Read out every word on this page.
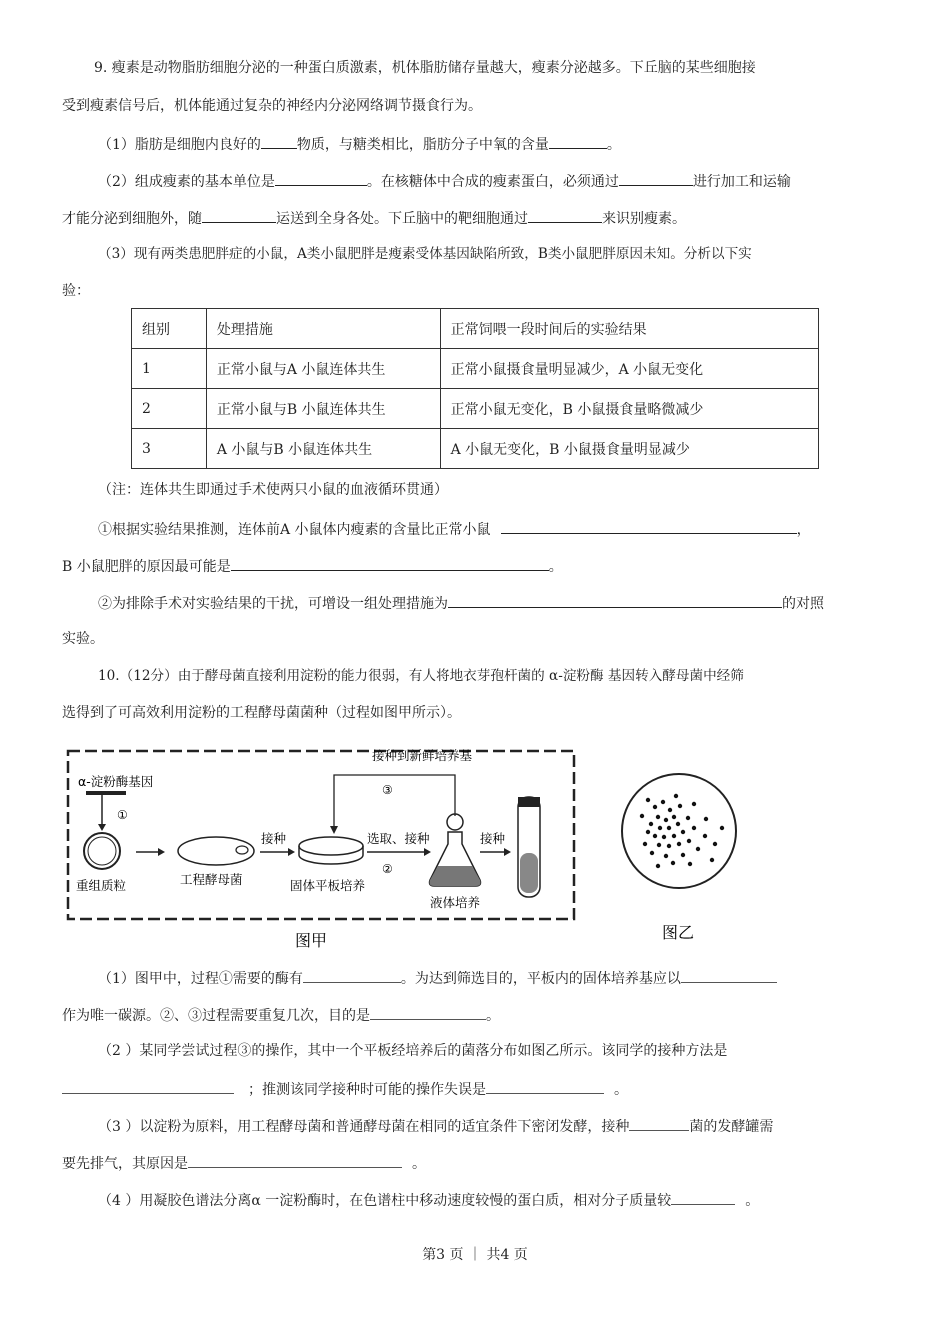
9. 瘦素是动物脂肪细胞分泌的一种蛋白质激素，机体脂肪储存量越大，瘦素分泌越多。下丘脑的某些细胞接

受到瘦素信号后，机体能通过复杂的神经内分泌网络调节摄食行为。

（1）脂肪是细胞内良好的	物质，与糖类相比，脂肪分子中氧的含量	。

（2）组成瘦素的基本单位是	。在核糖体中合成的瘦素蛋白，必须通过	进行加工和运输

才能分泌到细胞外，随	运送到全身各处。下丘脑中的靶细胞通过	来识别瘦素。

（3）现有两类患肥胖症的小鼠，A类小鼠肥胖是瘦素受体基因缺陷所致，B类小鼠肥胖原因未知。分析以下实

验：

组别	处理措施	正常饲喂一段时间后的实验结果
1	正常小鼠与A 小鼠连体共生	正常小鼠摄食量明显减少，A 小鼠无变化
2	正常小鼠与B 小鼠连体共生	正常小鼠无变化，B 小鼠摄食量略微减少
3	A 小鼠与B 小鼠连体共生	A 小鼠无变化，B 小鼠摄食量明显减少

（注：连体共生即通过手术使两只小鼠的血液循环贯通）

①根据实验结果推测，连体前A 小鼠体内瘦素的含量比正常小鼠	，

B 小鼠肥胖的原因最可能是	。

②为排除手术对实验结果的干扰，可增设一组处理措施为	的对照

实验。

10.（12分）由于酵母菌直接利用淀粉的能力很弱，有人将地衣芽孢杆菌的 α-淀粉酶 基因转入酵母菌中经筛

选得到了可高效利用淀粉的工程酵母菌菌种（过程如图甲所示）。

α-淀粉酶基因
①
重组质粒	工程酵母菌
接种
固体平板培养
选取、接种
②
液体培养
接种
接种到新鲜培养基
③
图甲	图乙

（1）图甲中，过程①需要的酶有	。为达到筛选目的，平板内的固体培养基应以

作为唯一碳源。②、③过程需要重复几次，目的是	。

（2 ）某同学尝试过程③的操作，其中一个平板经培养后的菌落分布如图乙所示。该同学的接种方法是

；推测该同学接种时可能的操作失误是	。

（3 ）以淀粉为原料，用工程酵母菌和普通酵母菌在相同的适宜条件下密闭发酵，接种	菌的发酵罐需

要先排气，其原因是	。

（4 ）用凝胶色谱法分离α 一淀粉酶时，在色谱柱中移动速度较慢的蛋白质，相对分子质量较	。

第3 页 ｜ 共4 页
